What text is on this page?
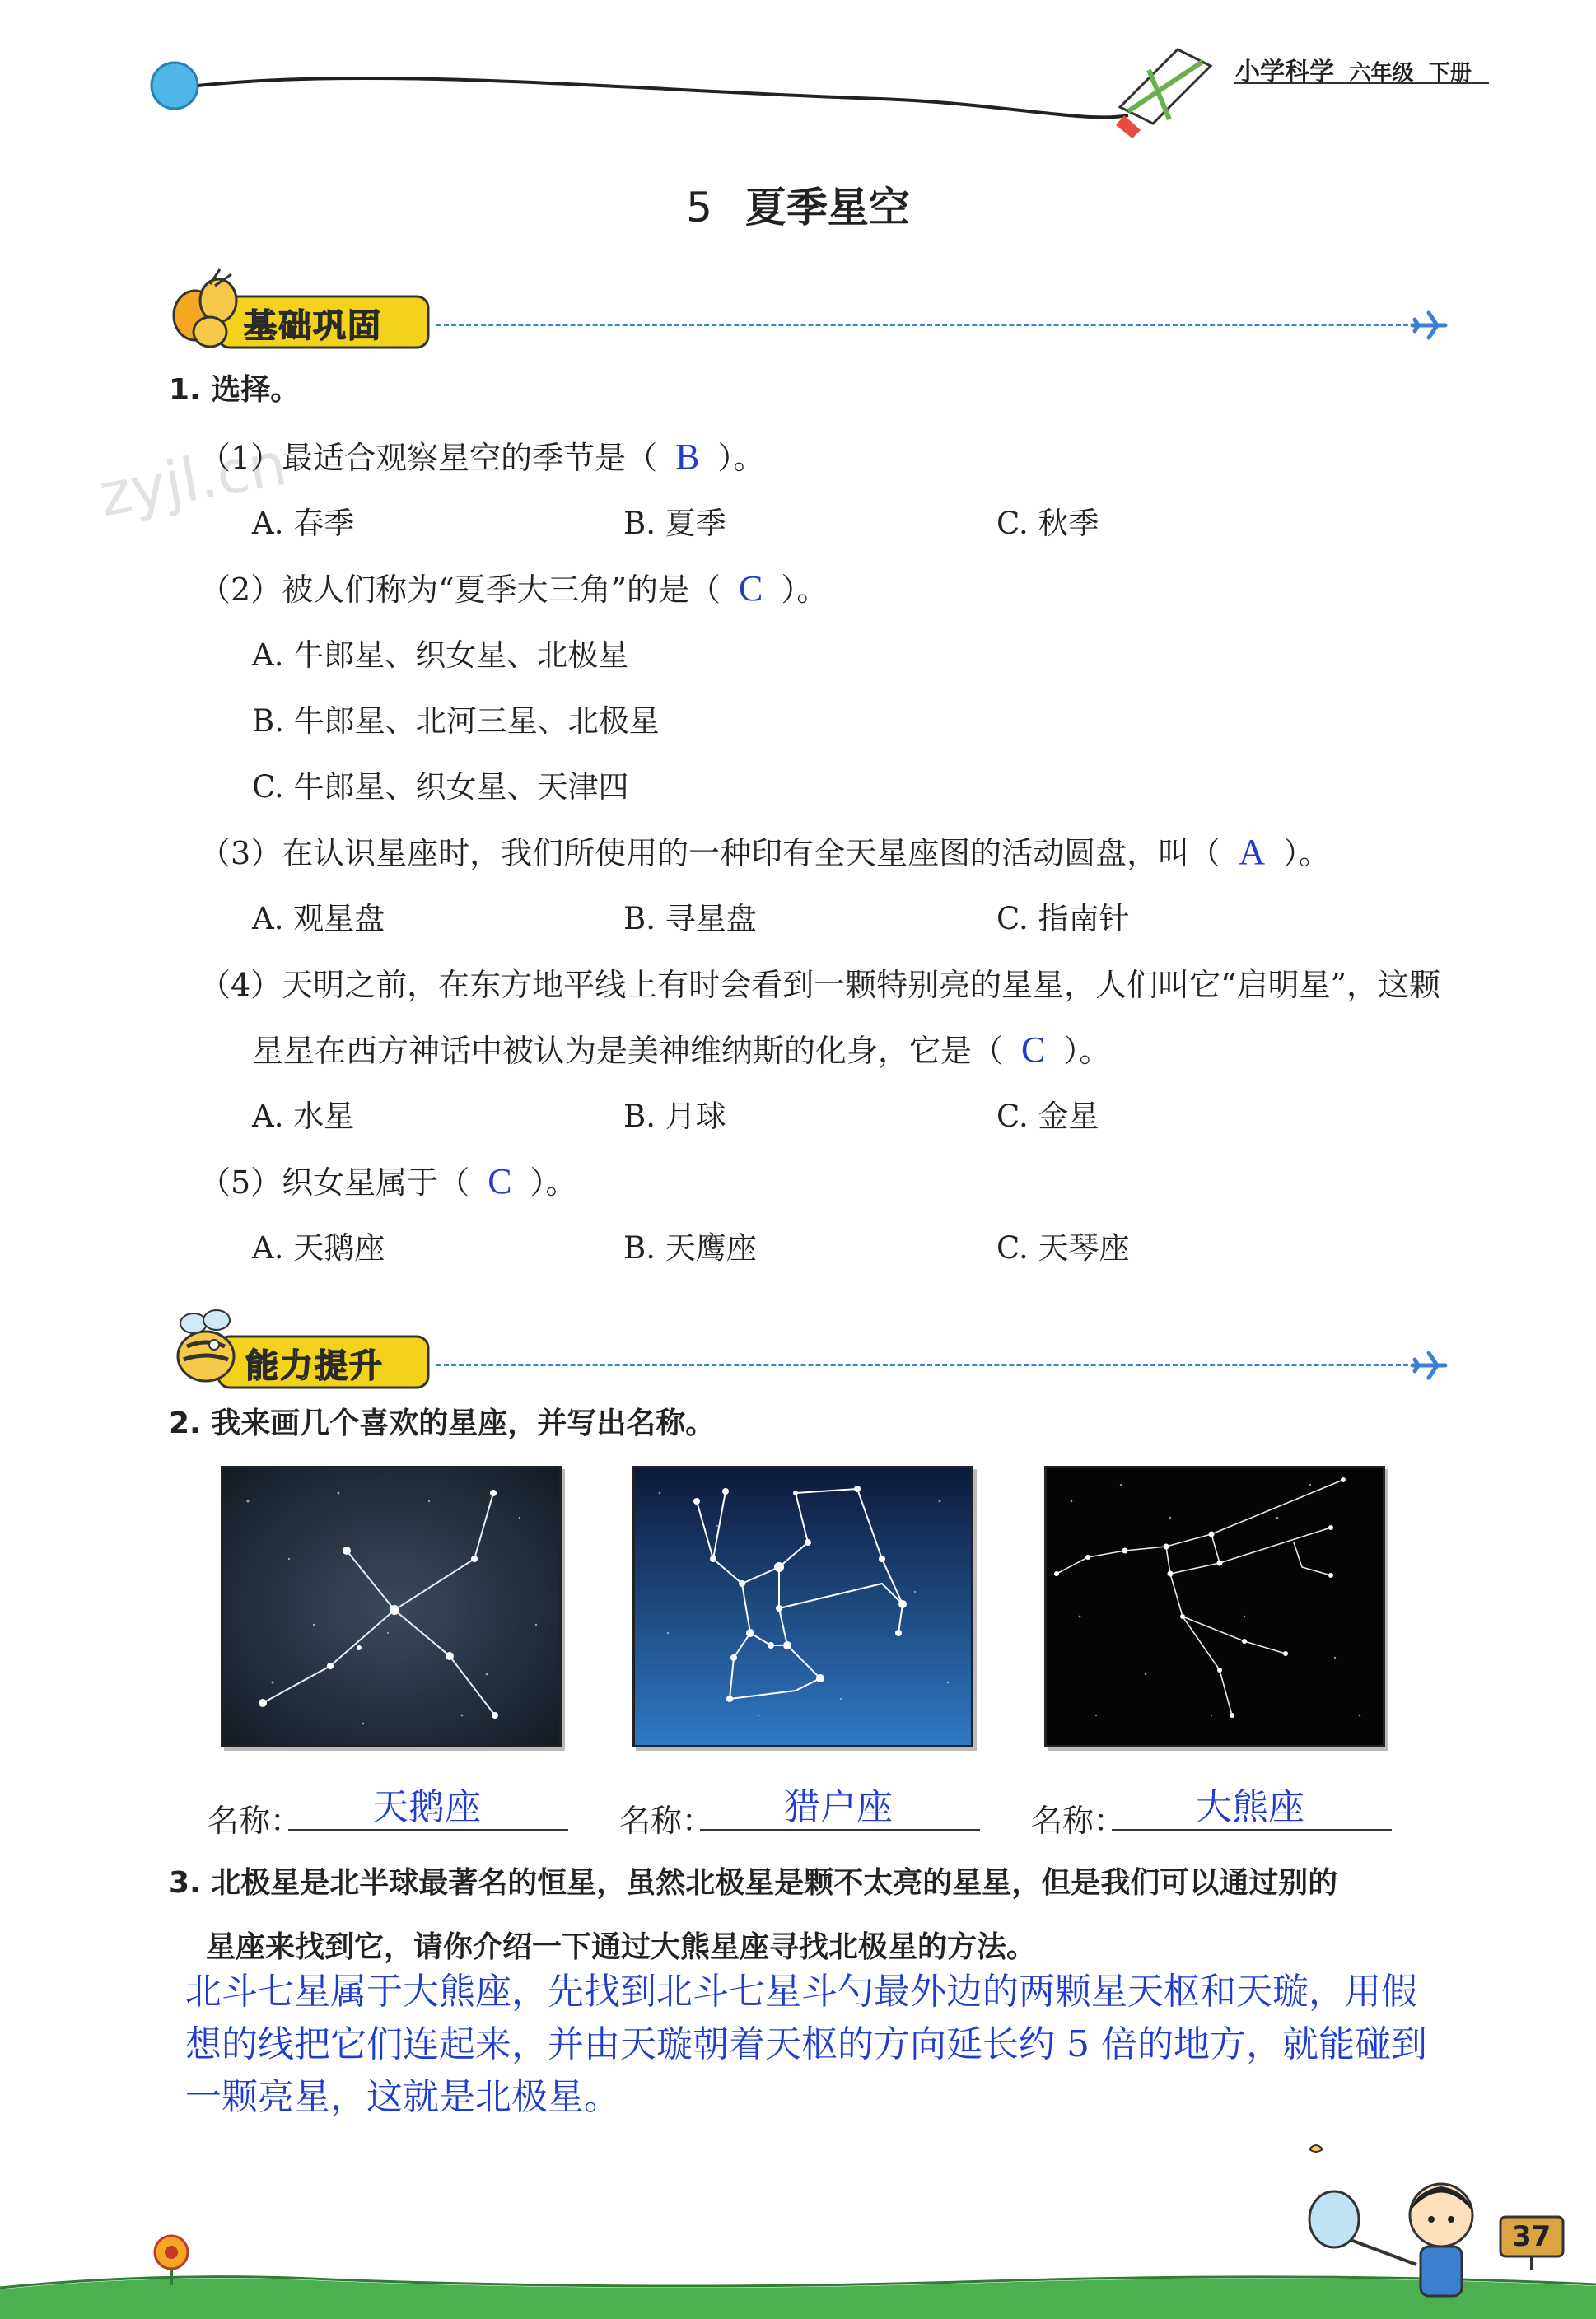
小学科学 六年级 下册
5 夏季星空
zyjl.cn
基础巩固
1. 选择。
（1）最适合观察星空的季节是（ B ）。
A. 春季	B. 夏季	C. 秋季
（2）被人们称为“夏季大三角”的是（ C ）。
A. 牛郎星、织女星、北极星
B. 牛郎星、北河三星、北极星
C. 牛郎星、织女星、天津四
（3）在认识星座时，我们所使用的一种印有全天星座图的活动圆盘，叫（ A ）。
A. 观星盘	B. 寻星盘	C. 指南针
（4）天明之前，在东方地平线上有时会看到一颗特别亮的星星，人们叫它“启明星”，这颗
星星在西方神话中被认为是美神维纳斯的化身，它是（ C ）。
A. 水星	B. 月球	C. 金星
（5）织女星属于（ C ）。
A. 天鹅座	B. 天鹰座	C. 天琴座
能力提升
2. 我来画几个喜欢的星座，并写出名称。
名称： 天鹅座	名称： 猎户座	名称： 大熊座
3. 北极星是北半球最著名的恒星，虽然北极星是颗不太亮的星星，但是我们可以通过别的
星座来找到它，请你介绍一下通过大熊星座寻找北极星的方法。
北斗七星属于大熊座，先找到北斗七星斗勺最外边的两颗星天枢和天璇，用假
想的线把它们连起来，并由天璇朝着天枢的方向延长约 5 倍的地方，就能碰到
一颗亮星，这就是北极星。
37
